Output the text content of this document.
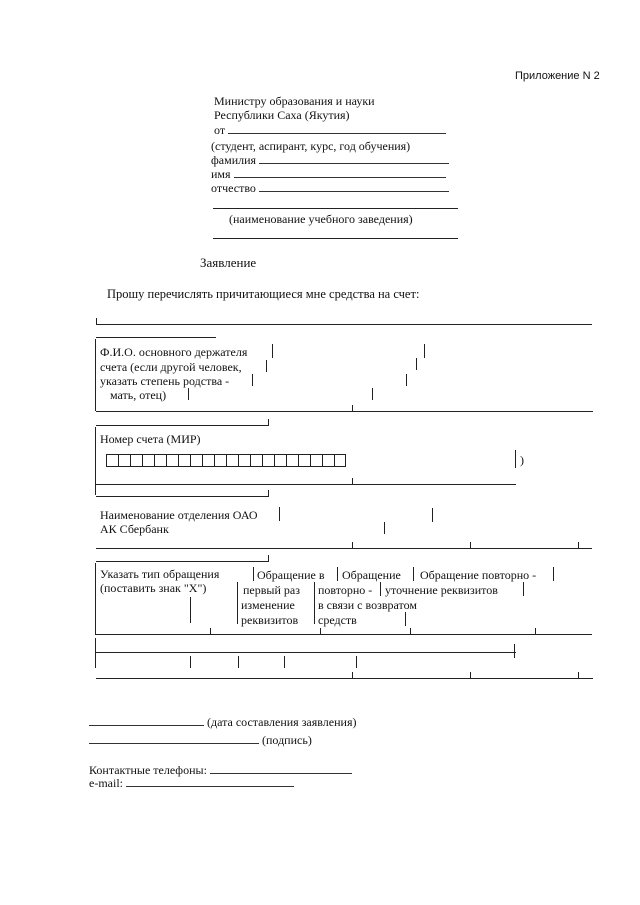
Приложение N 2
Министру образования и науки
Республики Саха (Якутия)
от
(студент, аспирант, курс, год обучения)
фамилия
имя
отчество
(наименование учебного заведения)
Заявление
Прошу перечислять причитающиеся мне средства на счет:
Ф.И.О. основного держателя
счета (если другой человек,
указать степень родства -
мать, отец)
Номер счета (МИР)
)
Наименование отделения ОАО
АК Сбербанк
Указать тип обращения
(поставить знак "X")
Обращение в
первый раз
изменение
реквизитов
Обращение
повторно -
в связи с возвратом
средств
Обращение повторно -
уточнение реквизитов
(дата составления заявления)
(подпись)
Контактные телефоны:
e-mail:
